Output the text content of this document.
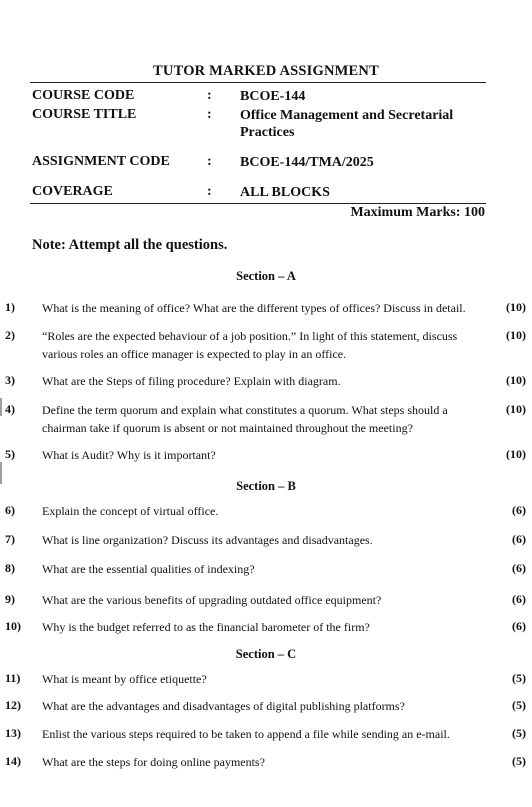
TUTOR MARKED ASSIGNMENT
COURSE CODE	: BCOE-144
COURSE TITLE	: Office Management and Secretarial Practices
ASSIGNMENT CODE	: BCOE-144/TMA/2025
COVERAGE	: ALL BLOCKS
Maximum Marks: 100
Note: Attempt all the questions.
Section – A
1) What is the meaning of office? What are the different types of offices? Discuss in detail.	(10)
2) “Roles are the expected behaviour of a job position.” In light of this statement, discuss various roles an office manager is expected to play in an office.
(10)
3) What are the Steps of filing procedure? Explain with diagram.	(10)
4) Define the term quorum and explain what constitutes a quorum. What steps should a chairman take if quorum is absent or not maintained throughout the meeting?
(10)
5) What is Audit? Why is it important?	(10)
Section – B
6) Explain the concept of virtual office.	(6)
7) What is line organization? Discuss its advantages and disadvantages.	(6)
8) What are the essential qualities of indexing?	(6)
9) What are the various benefits of upgrading outdated office equipment?	(6)
10) Why is the budget referred to as the financial barometer of the firm?	(6)
Section – C
11) What is meant by office etiquette?	(5)
12) What are the advantages and disadvantages of digital publishing platforms?	(5)
13) Enlist the various steps required to be taken to append a file while sending an e-mail.	(5)
14) What are the steps for doing online payments?	(5)
